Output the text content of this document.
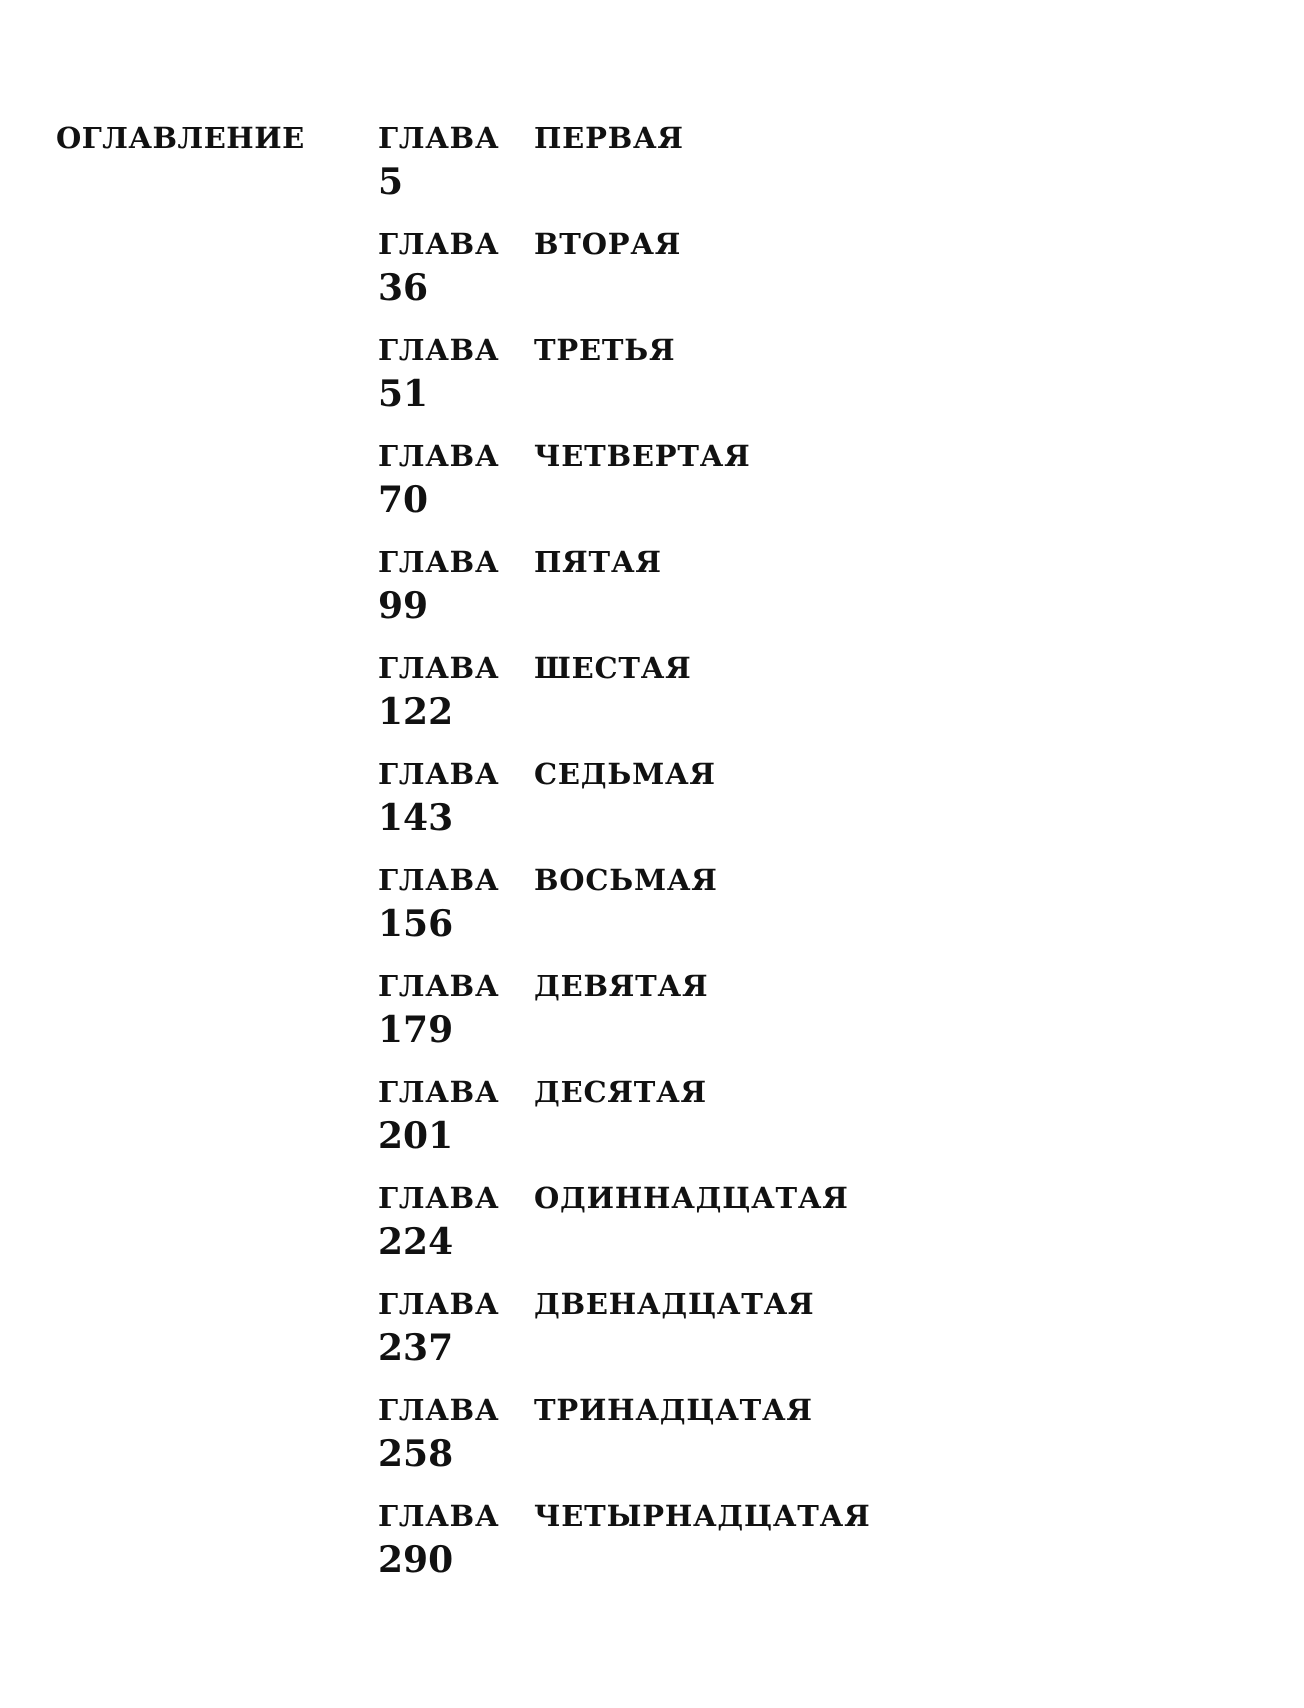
ОГЛАВЛЕНИЕ	ГЛАВА	ПЕРВАЯ
5
ГЛАВА	ВТОРАЯ
36
ГЛАВА	ТРЕТЬЯ
51
ГЛАВА	ЧЕТВЕРТАЯ
70
ГЛАВА	ПЯТАЯ
99
ГЛАВА	ШЕСТАЯ
122
ГЛАВА	СЕДЬМАЯ
143
ГЛАВА	ВОСЬМАЯ
156
ГЛАВА	ДЕВЯТАЯ
179
ГЛАВА	ДЕСЯТАЯ
201
ГЛАВА	ОДИННАДЦАТАЯ
224
ГЛАВА	ДВЕНАДЦАТАЯ
237
ГЛАВА	ТРИНАДЦАТАЯ
258
ГЛАВА	ЧЕТЫРНАДЦАТАЯ
290
